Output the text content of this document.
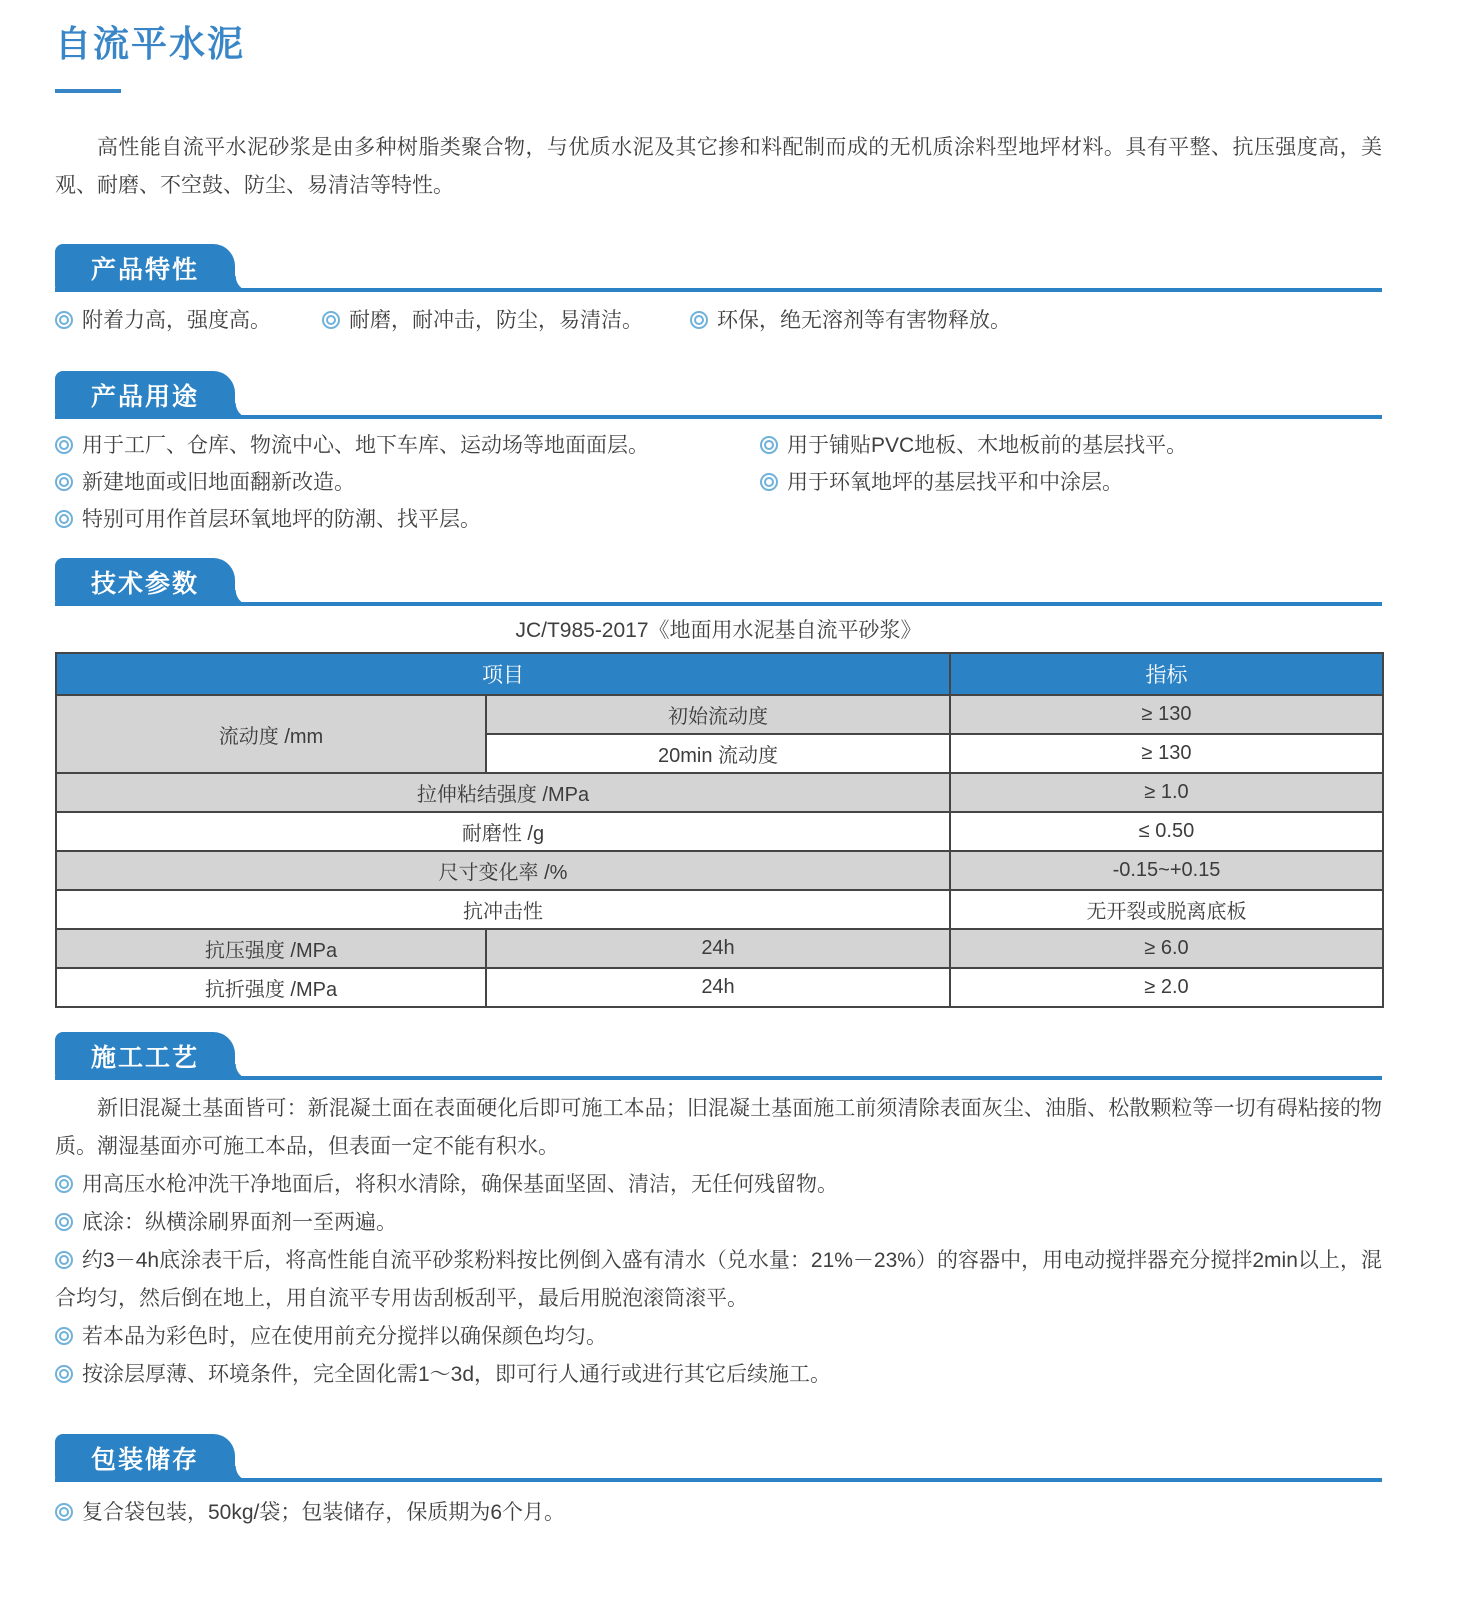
自流平水泥

高性能自流平水泥砂浆是由多种树脂类聚合物，与优质水泥及其它掺和料配制而成的无机质涂料型地坪材料。具有平整、抗压强度高，美观、耐磨、不空鼓、防尘、易清洁等特性。

产品特性

附着力高，强度高。	耐磨，耐冲击，防尘，易清洁。	环保，绝无溶剂等有害物释放。

产品用途

用于工厂、仓库、物流中心、地下车库、运动场等地面面层。

新建地面或旧地面翻新改造。

特别可用作首层环氧地坪的防潮、找平层。

用于铺贴PVC地板、木地板前的基层找平。

用于环氧地坪的基层找平和中涂层。

技术参数
JC/T985-2017《地面用水泥基自流平砂浆》
项目		指标
流动度 /mm	初始流动度	≥ 130
	20min 流动度	≥ 130
拉伸粘结强度 /MPa		≥ 1.0
耐磨性 /g		≤ 0.50
尺寸变化率 /%		-0.15~+0.15
抗冲击性		无开裂或脱离底板
抗压强度 /MPa	24h	≥ 6.0
抗折强度 /MPa	24h	≥ 2.0
施工工艺

新旧混凝土基面皆可：新混凝土面在表面硬化后即可施工本品；旧混凝土基面施工前须清除表面灰尘、油脂、松散颗粒等一切有碍粘接的物质。潮湿基面亦可施工本品，但表面一定不能有积水。

用高压水枪冲洗干净地面后，将积水清除，确保基面坚固、清洁，无任何残留物。

底涂：纵横涂刷界面剂一至两遍。

约3－4h底涂表干后，将高性能自流平砂浆粉料按比例倒入盛有清水（兑水量：21%－23%）的容器中，用电动搅拌器充分搅拌2min以上，混合均匀，然后倒在地上，用自流平专用齿刮板刮平，最后用脱泡滚筒滚平。

若本品为彩色时，应在使用前充分搅拌以确保颜色均匀。

按涂层厚薄、环境条件，完全固化需1～3d，即可行人通行或进行其它后续施工。

包装储存

复合袋包装，50kg/袋；包装储存，保质期为6个月。
